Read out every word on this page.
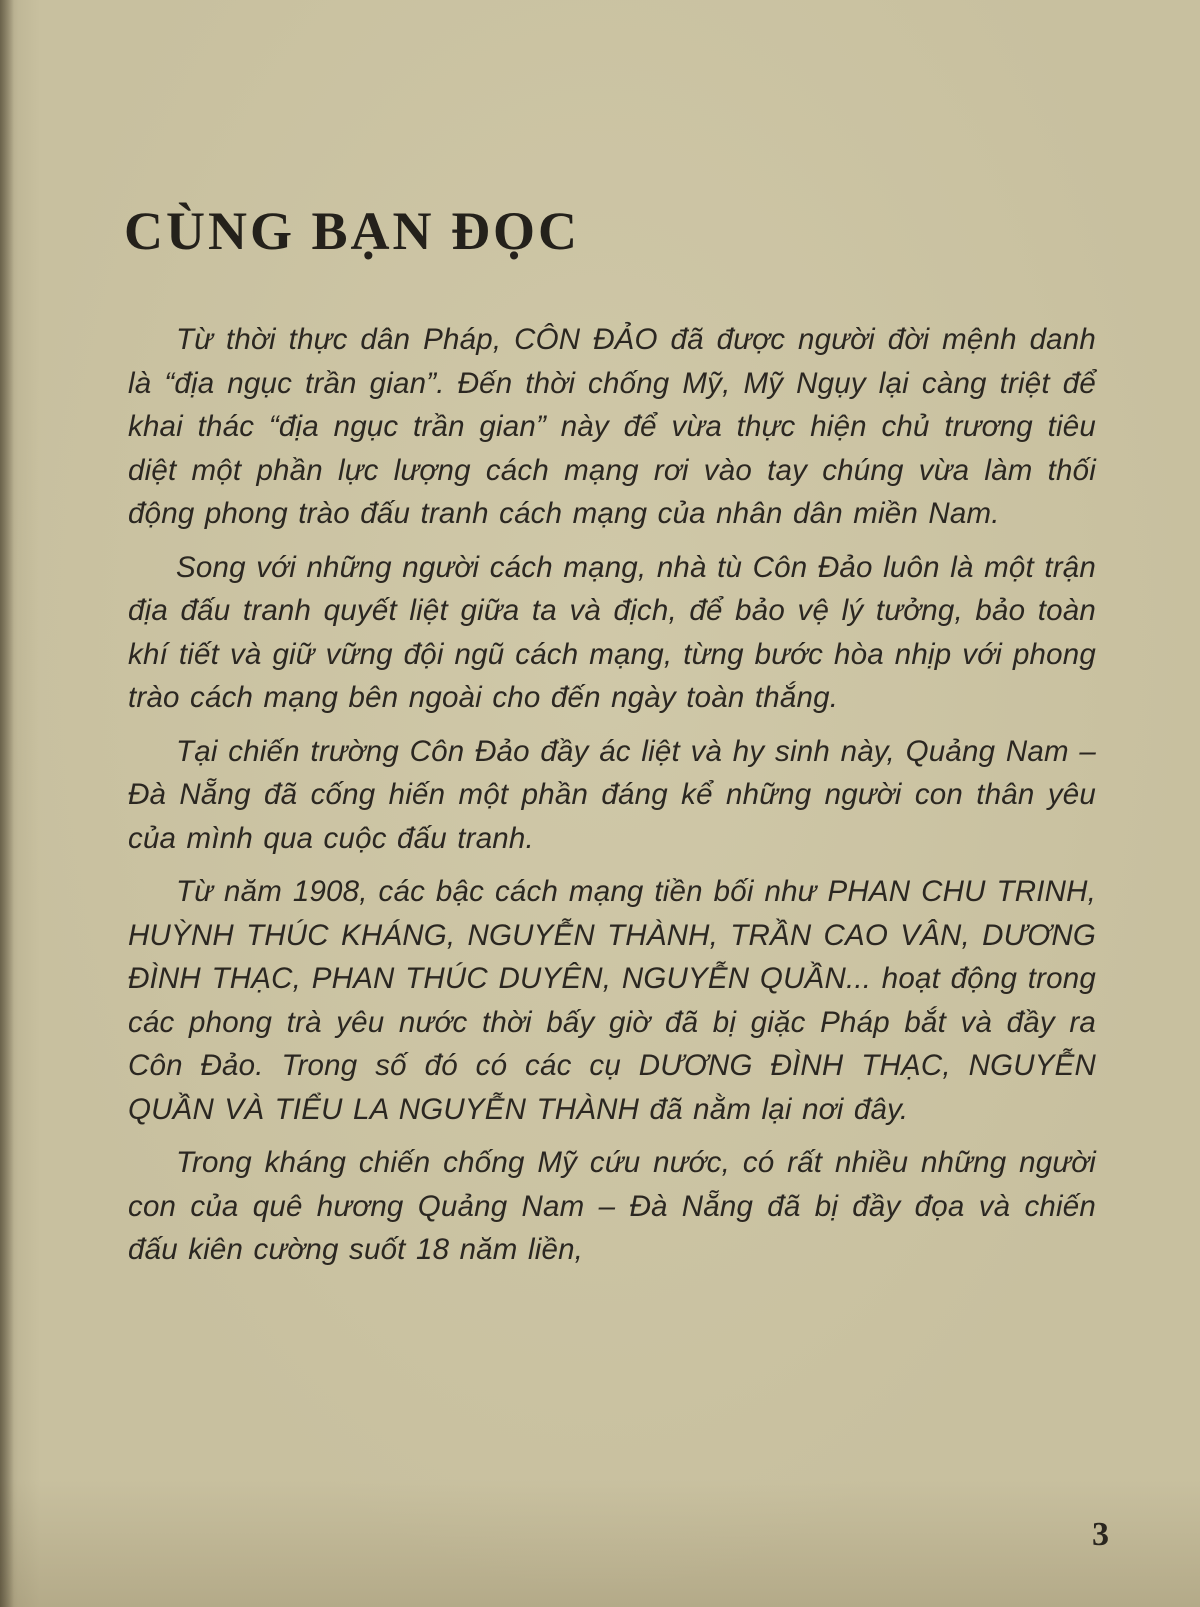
CÙNG BẠN ĐỌC

Từ thời thực dân Pháp, CÔN ĐẢO đã được người đời mệnh danh là “địa ngục trần gian”. Đến thời chống Mỹ, Mỹ Ngụy lại càng triệt để khai thác “địa ngục trần gian” này để vừa thực hiện chủ trương tiêu diệt một phần lực lượng cách mạng rơi vào tay chúng vừa làm thối động phong trào đấu tranh cách mạng của nhân dân miền Nam.

Song với những người cách mạng, nhà tù Côn Đảo luôn là một trận địa đấu tranh quyết liệt giữa ta và địch, để bảo vệ lý tưởng, bảo toàn khí tiết và giữ vững đội ngũ cách mạng, từng bước hòa nhịp với phong trào cách mạng bên ngoài cho đến ngày toàn thắng.

Tại chiến trường Côn Đảo đầy ác liệt và hy sinh này, Quảng Nam – Đà Nẵng đã cống hiến một phần đáng kể những người con thân yêu của mình qua cuộc đấu tranh.

Từ năm 1908, các bậc cách mạng tiền bối như PHAN CHU TRINH, HUỲNH THÚC KHÁNG, NGUYỄN THÀNH, TRẦN CAO VÂN, DƯƠNG ĐÌNH THẠC, PHAN THÚC DUYÊN, NGUYỄN QUẦN... hoạt động trong các phong trà yêu nước thời bấy giờ đã bị giặc Pháp bắt và đầy ra Côn Đảo. Trong số đó có các cụ DƯƠNG ĐÌNH THẠC, NGUYỄN QUẦN VÀ TIỂU LA NGUYỄN THÀNH đã nằm lại nơi đây.

Trong kháng chiến chống Mỹ cứu nước, có rất nhiều những người con của quê hương Quảng Nam – Đà Nẵng đã bị đầy đọa và chiến đấu kiên cường suốt 18 năm liền,

3
